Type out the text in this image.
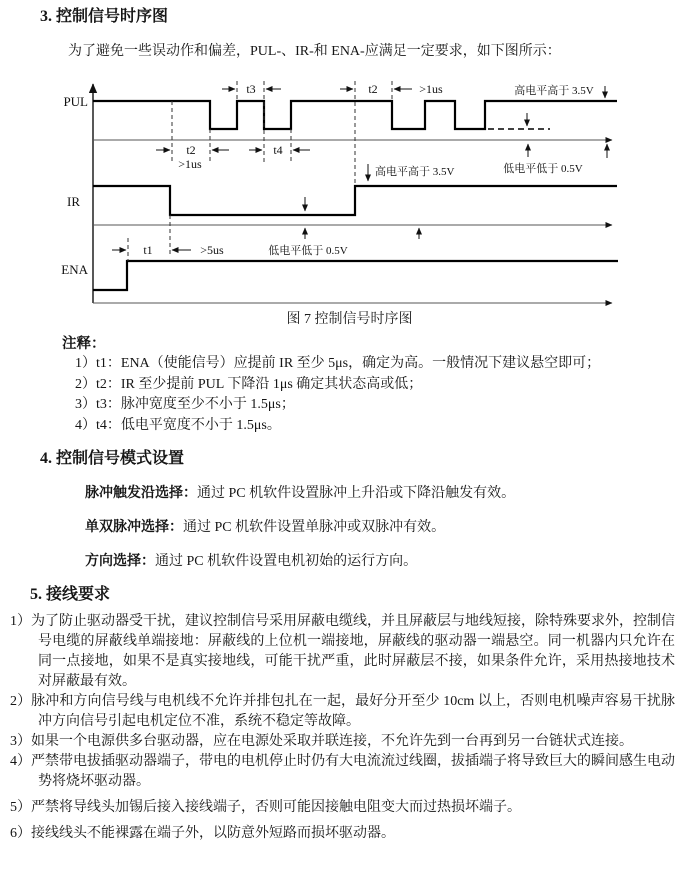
3. 控制信号时序图

为了避免一些误动作和偏差，PUL-、IR-和 ENA-应满足一定要求，如下图所示：

PUL
IR
ENA
t3	t2	>1us
t2
>1us
t4
t1	>5us
高电平高于 3.5V
低电平低于 0.5V
高电平高于 3.5V
低电平低于 0.5V
图 7 控制信号时序图
注释：
1）t1：ENA（使能信号）应提前 IR 至少 5μs，确定为高。一般情况下建议悬空即可；
2）t2：IR 至少提前 PUL 下降沿 1μs 确定其状态高或低；
3）t3：脉冲宽度至少不小于 1.5μs；
4）t4：低电平宽度不小于 1.5μs。
4. 控制信号模式设置
脉冲触发沿选择：通过 PC 机软件设置脉冲上升沿或下降沿触发有效。
单双脉冲选择：通过 PC 机软件设置单脉冲或双脉冲有效。
方向选择：通过 PC 机软件设置电机初始的运行方向。
5. 接线要求

1）为了防止驱动器受干扰，建议控制信号采用屏蔽电缆线，并且屏蔽层与地线短接，除特殊要求外，控制信号电缆的屏蔽线单端接地：屏蔽线的上位机一端接地，屏蔽线的驱动器一端悬空。同一机器内只允许在同一点接地，如果不是真实接地线，可能干扰严重，此时屏蔽层不接，如果条件允许，采用热接地技术对屏蔽最有效。

2）脉冲和方向信号线与电机线不允许并排包扎在一起，最好分开至少 10cm 以上，否则电机噪声容易干扰脉冲方向信号引起电机定位不准，系统不稳定等故障。

3）如果一个电源供多台驱动器，应在电源处采取并联连接，不允许先到一台再到另一台链状式连接。

4）严禁带电拔插驱动器端子，带电的电机停止时仍有大电流流过线圈，拔插端子将导致巨大的瞬间感生电动势将烧坏驱动器。

5）严禁将导线头加锡后接入接线端子，否则可能因接触电阻变大而过热损坏端子。

6）接线线头不能裸露在端子外，以防意外短路而损坏驱动器。
